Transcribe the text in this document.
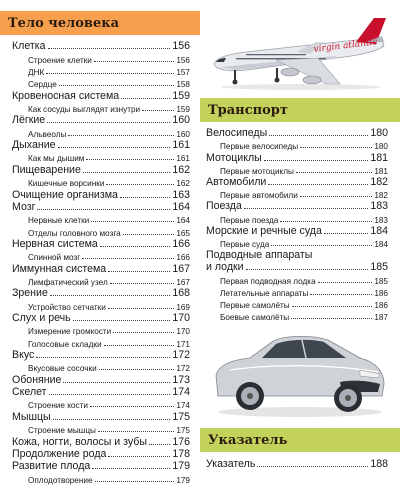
Тело человека
Клетка	156
Строение клетки	156
ДНК	157
Сердце	158
Кровеносная система	159
Как сосуды выглядят изнутри	159
Лёгкие	160
Альвеолы	160
Дыхание	161
Как мы дышим	161
Пищеварение	162
Кишечные ворсинки	162
Очищение организма	163
Мозг	164
Нервные клетки	164
Отделы головного мозга	165
Нервная система	166
Спинной мозг	166
Иммунная система	167
Лимфатический узел	167
Зрение	168
Устройство сетчатки	169
Слух и речь	170
Измерение громкости	170
Голосовые складки	171
Вкус	172
Вкусовые сосочки	172
Обоняние	173
Скелет	174
Строение кости	174
Мышцы	175
Строение мышцы	175
Кожа, ногти, волосы и зубы 176
Продолжение рода	178
Развитие плода	179
Оплодотворение	179
virgin atlantic
Транспорт
Велосипеды	180
Первые велосипеды	180
Мотоциклы	181
Первые мотоциклы	181
Автомобили	182
Первые автомобили	182
Поезда	183
Первые поезда	183
Морские и речные суда	184
Первые суда	184
Подводные аппараты
и лодки	185
Первая подводная лодка	185
Летательные аппараты	186
Первые самолёты	186
Боевые самолёты	187
Указатель
Указатель	188
